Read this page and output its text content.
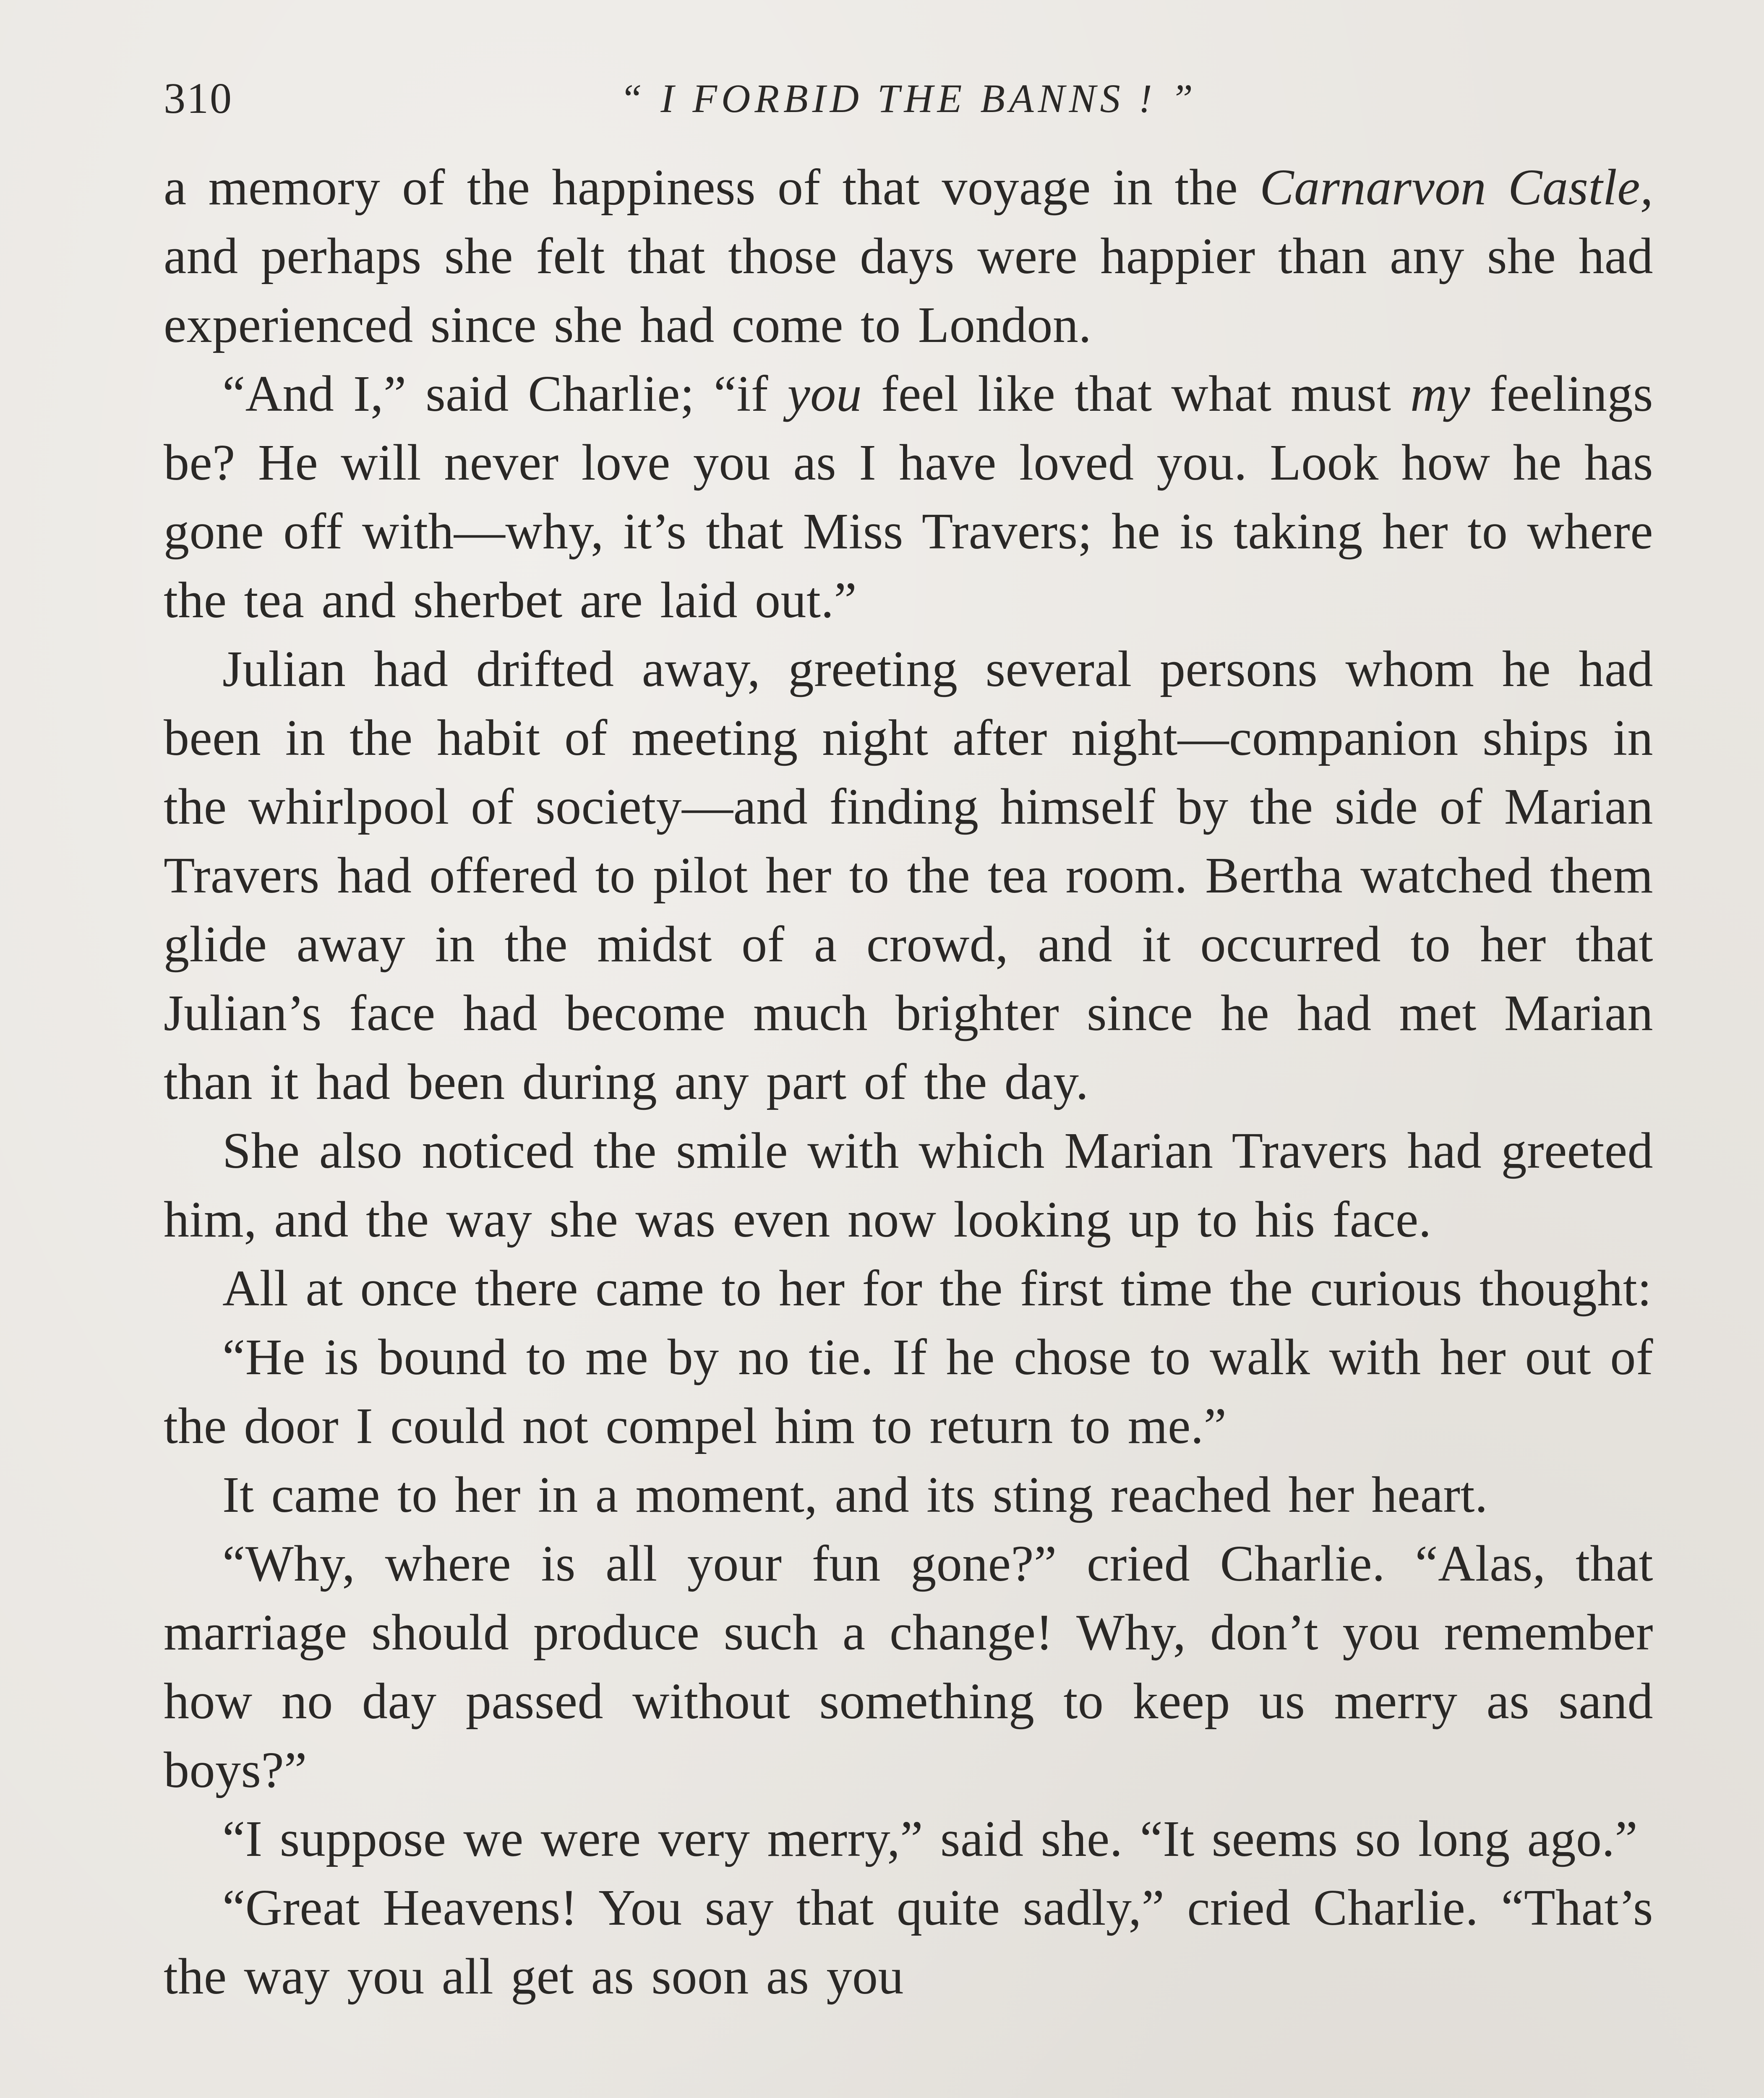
310	“ I FORBID THE BANNS ! ”

a memory of the happiness of that voyage in the Carnarvon Castle, and perhaps she felt that those days were happier than any she had experienced since she had come to London.

“And I,” said Charlie; “if you feel like that what must my feelings be? He will never love you as I have loved you. Look how he has gone off with—why, it’s that Miss Travers; he is taking her to where the tea and sherbet are laid out.”

Julian had drifted away, greeting several persons whom he had been in the habit of meeting night after night—companion ships in the whirlpool of society—and finding himself by the side of Marian Travers had offered to pilot her to the tea room. Bertha watched them glide away in the midst of a crowd, and it occurred to her that Julian’s face had become much brighter since he had met Marian than it had been during any part of the day.

She also noticed the smile with which Marian Travers had greeted him, and the way she was even now looking up to his face.

All at once there came to her for the first time the curious thought:

“He is bound to me by no tie. If he chose to walk with her out of the door I could not compel him to return to me.”

It came to her in a moment, and its sting reached her heart.

“Why, where is all your fun gone?” cried Charlie. “Alas, that marriage should produce such a change! Why, don’t you remember how no day passed without something to keep us merry as sand boys?”

“I suppose we were very merry,” said she. “It seems so long ago.”

“Great Heavens! You say that quite sadly,” cried Charlie. “That’s the way you all get as soon as you
